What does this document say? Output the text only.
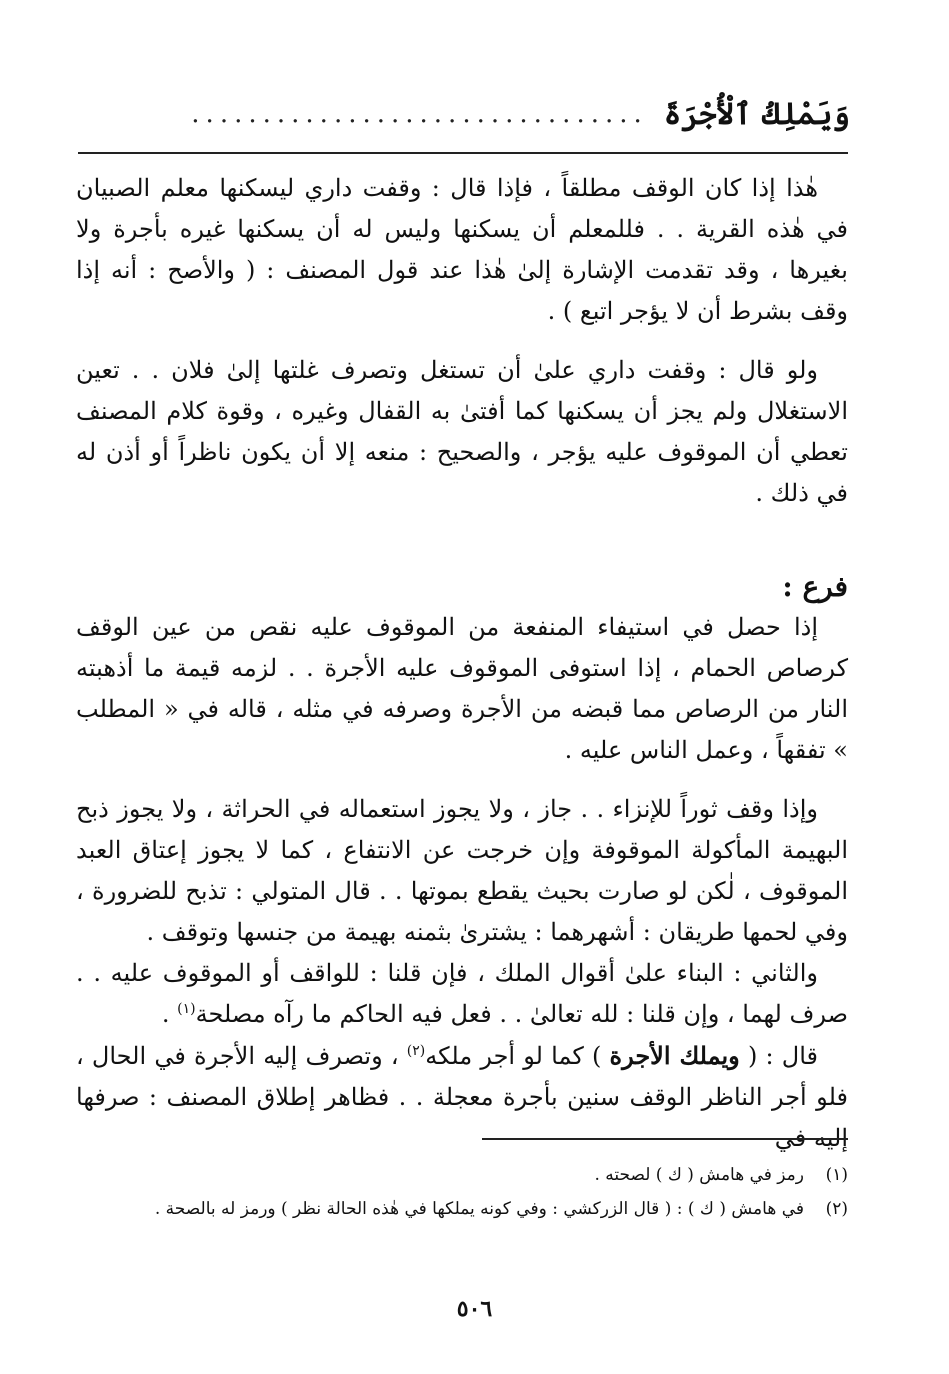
وَيَمْلِكُ ٱلْأُجْرَةَ
................................

هٰذا إذا كان الوقف مطلقاً ، فإذا قال : وقفت داري ليسكنها معلم الصبيان في هٰذه القرية . . فللمعلم أن يسكنها وليس له أن يسكنها غيره بأجرة ولا بغيرها ، وقد تقدمت الإشارة إلىٰ هٰذا عند قول المصنف : ( والأصح : أنه إذا وقف بشرط أن لا يؤجر اتبع ) .

ولو قال : وقفت داري علىٰ أن تستغل وتصرف غلتها إلىٰ فلان . . تعين الاستغلال ولم يجز أن يسكنها كما أفتىٰ به القفال وغيره ، وقوة كلام المصنف تعطي أن الموقوف عليه يؤجر ، والصحيح : منعه إلا أن يكون ناظراً أو أذن له في ذلك .

فرع :

إذا حصل في استيفاء المنفعة من الموقوف عليه نقص من عين الوقف كرصاص الحمام ، إذا استوفى الموقوف عليه الأجرة . . لزمه قيمة ما أذهبته النار من الرصاص مما قبضه من الأجرة وصرفه في مثله ، قاله في « المطلب » تفقهاً ، وعمل الناس عليه .

وإذا وقف ثوراً للإنزاء . . جاز ، ولا يجوز استعماله في الحراثة ، ولا يجوز ذبح البهيمة المأكولة الموقوفة وإن خرجت عن الانتفاع ، كما لا يجوز إعتاق العبد الموقوف ، لٰكن لو صارت بحيث يقطع بموتها . . قال المتولي : تذبح للضرورة ، وفي لحمها طريقان : أشهرهما : يشترىٰ بثمنه بهيمة من جنسها وتوقف .

والثاني : البناء علىٰ أقوال الملك ، فإن قلنا : للواقف أو الموقوف عليه . . صرف لهما ، وإن قلنا : لله تعالىٰ . . فعل فيه الحاكم ما رآه مصلحة$^{(١)}$ .

قال : ( ويملك الأجرة ) كما لو أجر ملكه$^{(٢)}$ ، وتصرف إليه الأجرة في الحال ، فلو أجر الناظر الوقف سنين بأجرة معجلة . . فظاهر إطلاق المصنف : صرفها إليه في

(١)
رمز في هامش ( ك ) لصحته .
(٢)
في هامش ( ك ) : ( قال الزركشي : وفي كونه يملكها في هٰذه الحالة نظر ) ورمز له بالصحة .
٥٠٦
